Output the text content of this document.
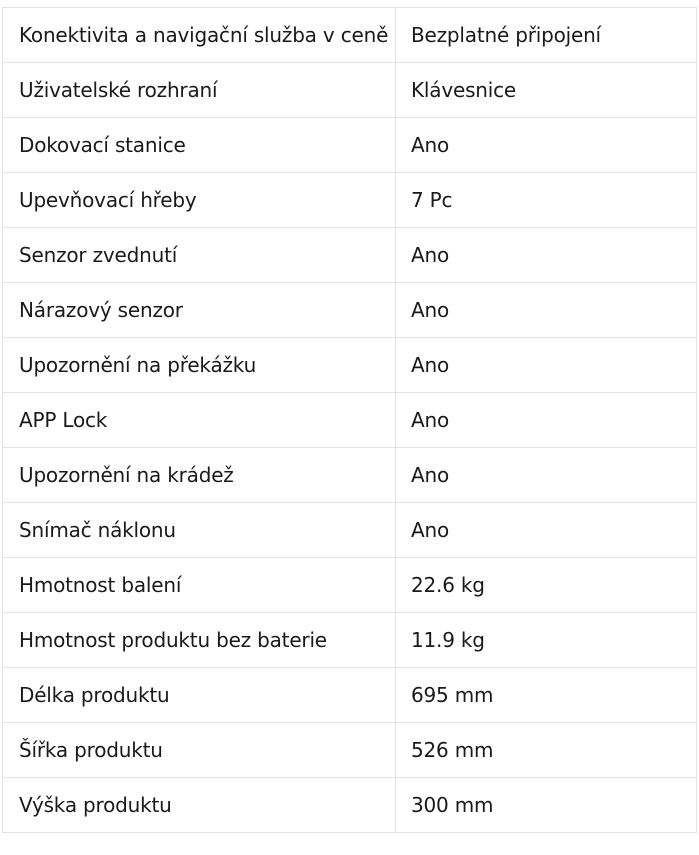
Konektivita a navigační služba v ceně	Bezplatné připojení
Uživatelské rozhraní	Klávesnice
Dokovací stanice	Ano
Upevňovací hřeby	7 Pc
Senzor zvednutí	Ano
Nárazový senzor	Ano
Upozornění na překážku	Ano
APP Lock	Ano
Upozornění na krádež	Ano
Snímač náklonu	Ano
Hmotnost balení	22.6 kg
Hmotnost produktu bez baterie	11.9 kg
Délka produktu	695 mm
Šířka produktu	526 mm
Výška produktu	300 mm
